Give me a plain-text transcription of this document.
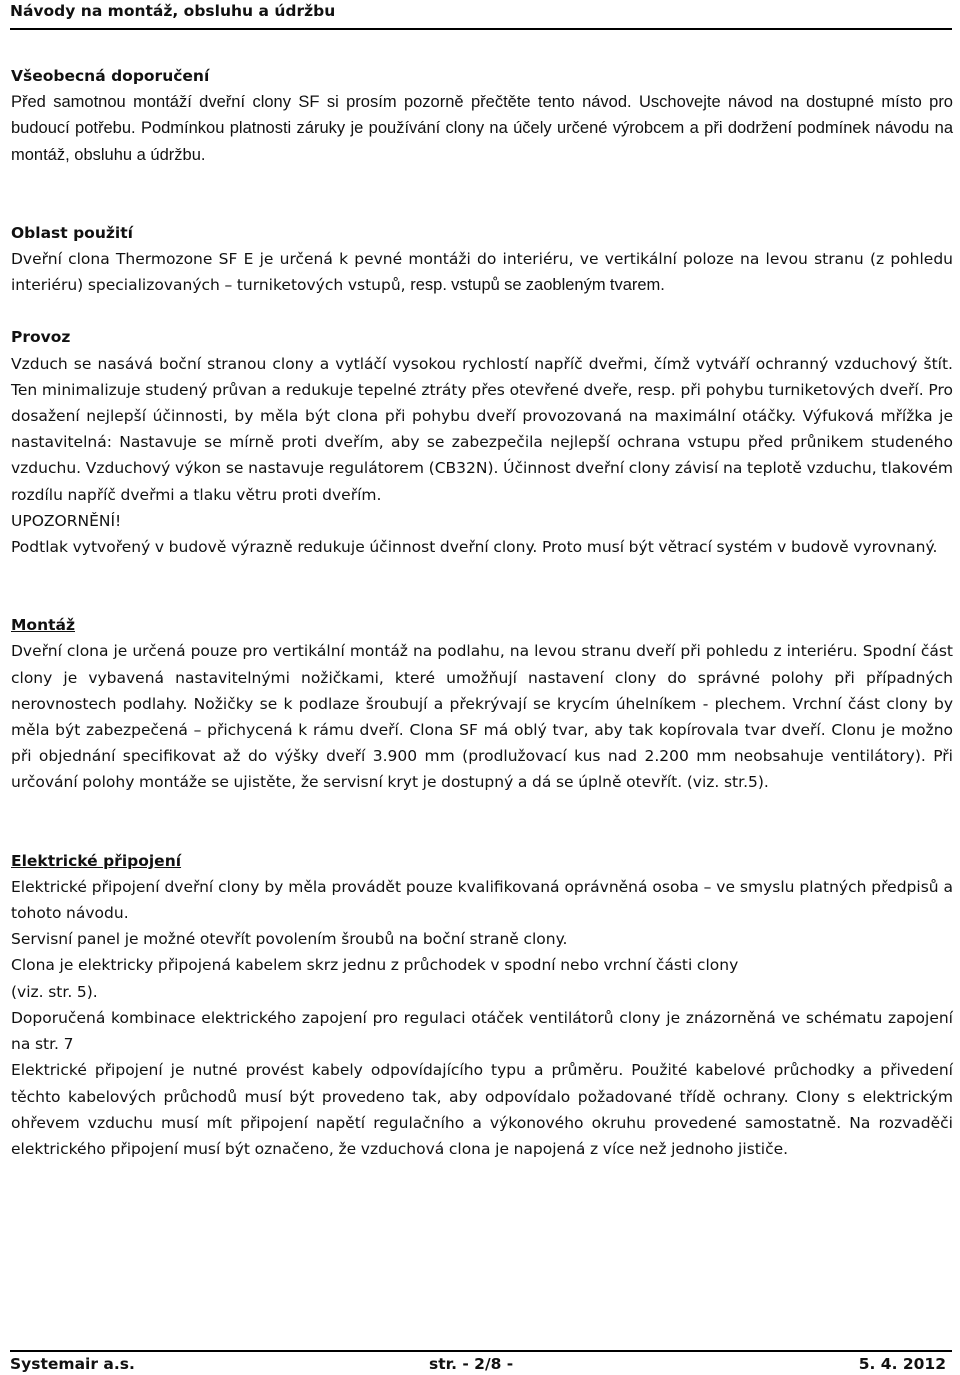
Návody na montáž, obsluhu a údržbu

Všeobecná doporučení

Před samotnou montáží dveřní clony SF si prosím pozorně přečtěte tento návod. Uschovejte návod na dostupné místo pro budoucí potřebu. Podmínkou platnosti záruky je používání clony na účely určené výrobcem a při dodržení podmínek návodu na montáž, obsluhu a údržbu.

Oblast použití

Dveřní clona Thermozone SF E je určená k pevné montáži do interiéru, ve vertikální poloze na levou stranu (z pohledu interiéru) specializovaných – turniketových vstupů, resp. vstupů se zaobleným tvarem.

Provoz

Vzduch se nasává boční stranou clony a vytláčí vysokou rychlostí napříč dveřmi, čímž vytváří ochranný vzduchový štít. Ten minimalizuje studený průvan a redukuje tepelné ztráty přes otevřené dveře, resp. při pohybu turniketových dveří. Pro dosažení nejlepší účinnosti, by měla být clona při pohybu dveří provozovaná na maximální otáčky. Výfuková mřížka je nastavitelná: Nastavuje se mírně proti dveřím, aby se zabezpečila nejlepší ochrana vstupu před průnikem studeného vzduchu. Vzduchový výkon se nastavuje regulátorem (CB32N). Účinnost dveřní clony závisí na teplotě vzduchu, tlakovém rozdílu napříč dveřmi a tlaku větru proti dveřím.

UPOZORNĚNÍ!

Podtlak vytvořený v budově výrazně redukuje účinnost dveřní clony. Proto musí být větrací systém v budově vyrovnaný.

Montáž

Dveřní clona je určená pouze pro vertikální montáž na podlahu, na levou stranu dveří při pohledu z interiéru. Spodní část clony je vybavená nastavitelnými nožičkami, které umožňují nastavení clony do správné polohy při případných nerovnostech podlahy. Nožičky se k podlaze šroubují a překrývají se krycím úhelníkem - plechem. Vrchní část clony by měla být zabezpečená – přichycená k rámu dveří. Clona SF má oblý tvar, aby tak kopírovala tvar dveří. Clonu je možno při objednání specifikovat až do výšky dveří 3.900 mm (prodlužovací kus nad 2.200 mm neobsahuje ventilátory). Při určování polohy montáže se ujistěte, že servisní kryt je dostupný a dá se úplně otevřít. (viz. str.5).

Elektrické připojení

Elektrické připojení dveřní clony by měla provádět pouze kvalifikovaná oprávněná osoba – ve smyslu platných předpisů a tohoto návodu.

Servisní panel je možné otevřít povolením šroubů na boční straně clony.

Clona je elektricky připojená kabelem skrz jednu z průchodek v spodní nebo vrchní části clony

(viz. str. 5).

Doporučená kombinace elektrického zapojení pro regulaci otáček ventilátorů clony je znázorněná ve schématu zapojení na str. 7

Elektrické připojení je nutné provést kabely odpovídajícího typu a průměru. Použité kabelové průchodky a přivedení těchto kabelových průchodů musí být provedeno tak, aby odpovídalo požadované třídě ochrany. Clony s elektrickým ohřevem vzduchu musí mít připojení napětí regulačního a výkonového okruhu provedené samostatně. Na rozvaděči elektrického připojení musí být označeno, že vzduchová clona je napojená z více než jednoho jističe.

Systemair a.s.	str. - 2/8 -	5. 4. 2012
